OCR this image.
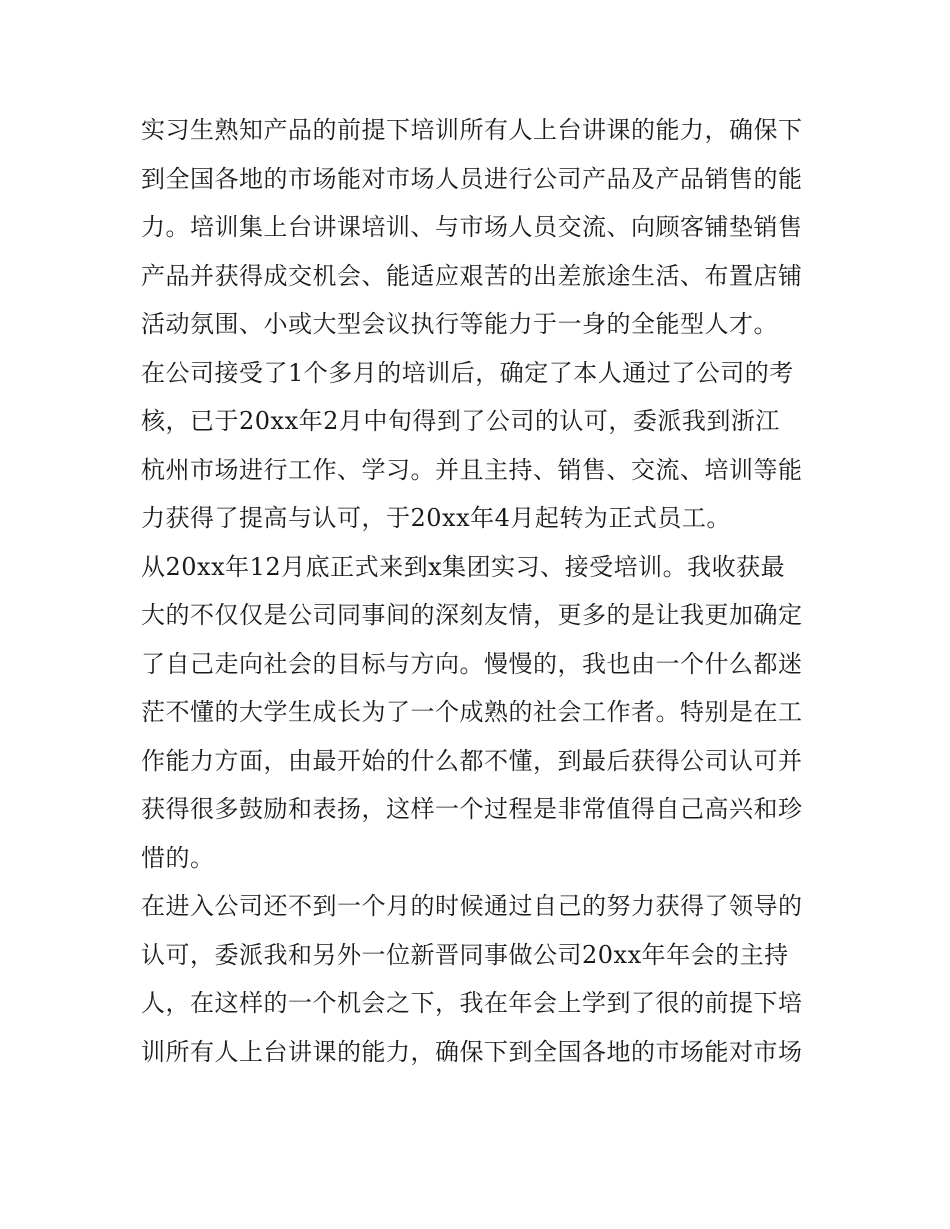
实习生熟知产品的前提下培训所有人上台讲课的能力，确保下
到全国各地的市场能对市场人员进行公司产品及产品销售的能
力。培训集上台讲课培训、与市场人员交流、向顾客铺垫销售
产品并获得成交机会、能适应艰苦的出差旅途生活、布置店铺
活动氛围、小或大型会议执行等能力于一身的全能型人才。
在公司接受了1个多月的培训后，确定了本人通过了公司的考
核，已于20xx年2月中旬得到了公司的认可，委派我到浙江
杭州市场进行工作、学习。并且主持、销售、交流、培训等能
力获得了提高与认可，于20xx年4月起转为正式员工。
从20xx年12月底正式来到x集团实习、接受培训。我收获最
大的不仅仅是公司同事间的深刻友情，更多的是让我更加确定
了自己走向社会的目标与方向。慢慢的，我也由一个什么都迷
茫不懂的大学生成长为了一个成熟的社会工作者。特别是在工
作能力方面，由最开始的什么都不懂，到最后获得公司认可并
获得很多鼓励和表扬，这样一个过程是非常值得自己高兴和珍
惜的。
在进入公司还不到一个月的时候通过自己的努力获得了领导的
认可，委派我和另外一位新晋同事做公司20xx年年会的主持
人，在这样的一个机会之下，我在年会上学到了很的前提下培
训所有人上台讲课的能力，确保下到全国各地的市场能对市场
